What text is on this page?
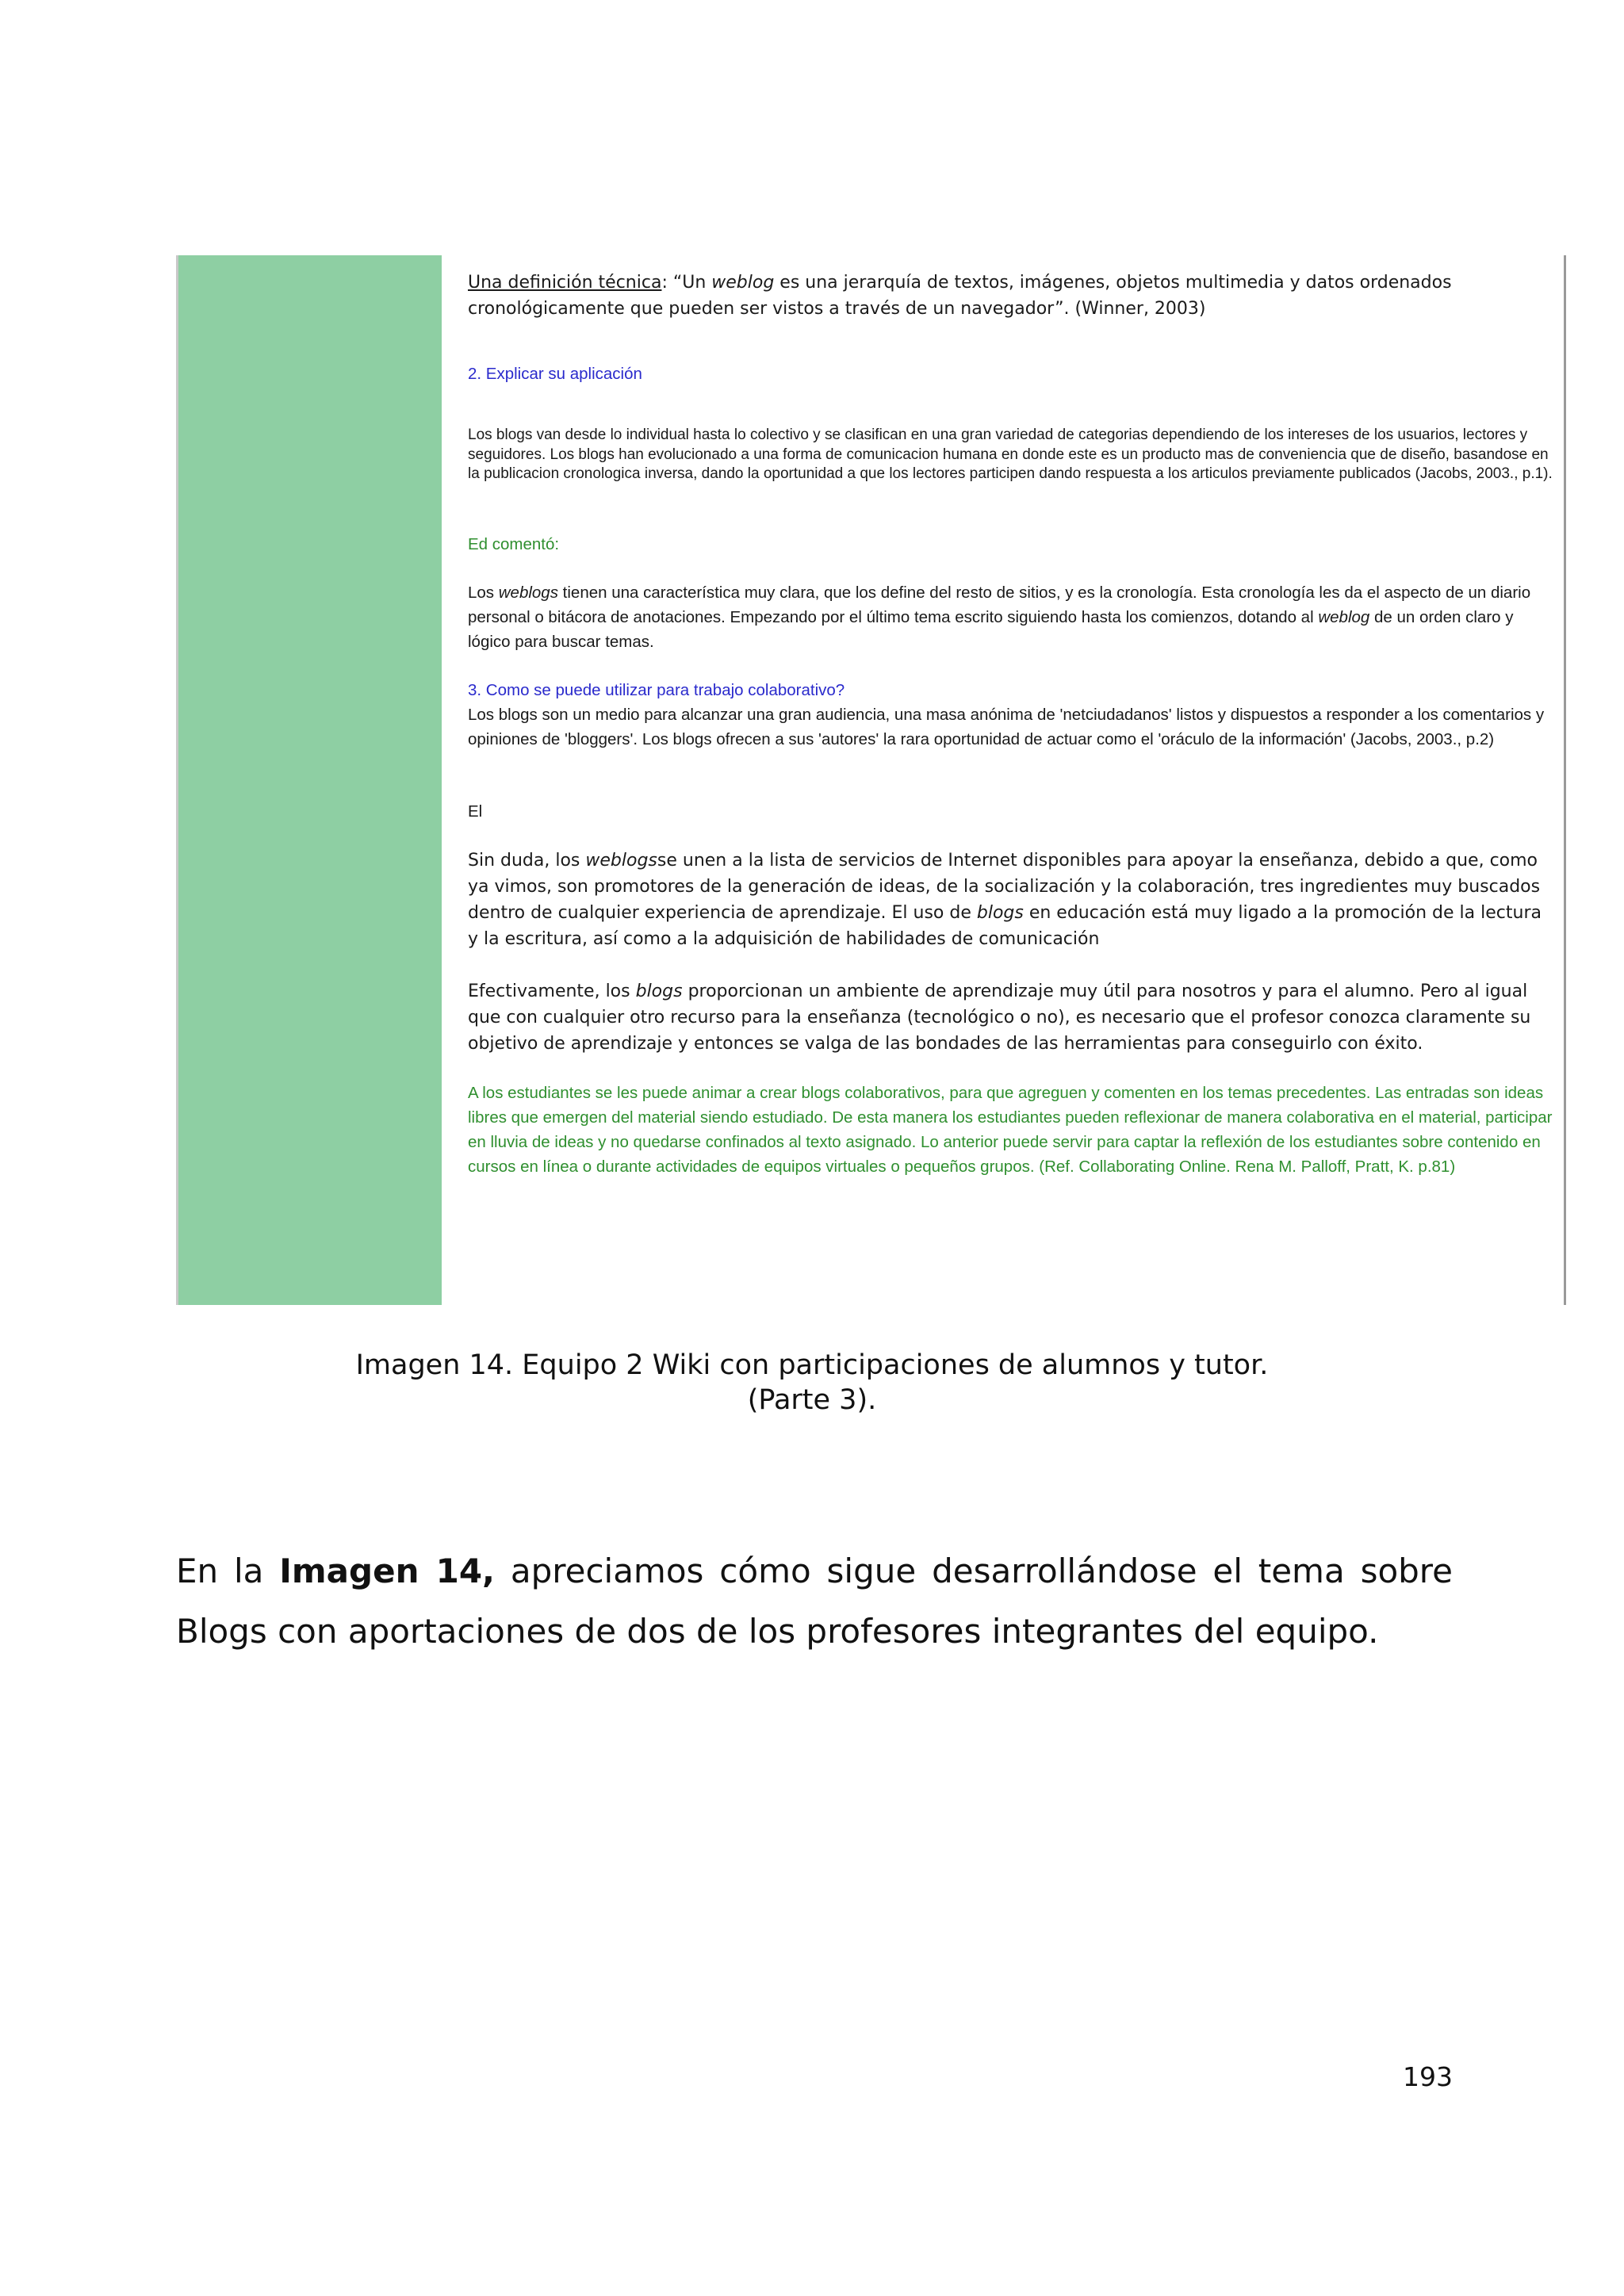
Una definición técnica: “Un weblog es una jerarquía de textos, imágenes, objetos multimedia y datos ordenados cronológicamente que pueden ser vistos a través de un navegador”. (Winner, 2003)

2. Explicar su aplicación

Los blogs van desde lo individual hasta lo colectivo y se clasifican en una gran variedad de categorias dependiendo de los intereses de los usuarios, lectores y seguidores. Los blogs han evolucionado a una forma de comunicacion humana en donde este es un producto mas de conveniencia que de diseño, basandose en la publicacion cronologica inversa, dando la oportunidad a que los lectores participen dando respuesta a los articulos previamente publicados (Jacobs, 2003., p.1).

Ed comentó:

Los weblogs tienen una característica muy clara, que los define del resto de sitios, y es la cronología. Esta cronología les da el aspecto de un diario personal o bitácora de anotaciones. Empezando por el último tema escrito siguiendo hasta los comienzos, dotando al weblog de un orden claro y lógico para buscar temas.

3. Como se puede utilizar para trabajo colaborativo?

Los blogs son un medio para alcanzar una gran audiencia, una masa anónima de 'netciudadanos' listos y dispuestos a responder a los comentarios y opiniones de 'bloggers'. Los blogs ofrecen a sus 'autores' la rara oportunidad de actuar como el 'oráculo de la información' (Jacobs, 2003., p.2)

El

Sin duda, los weblogsse unen a la lista de servicios de Internet disponibles para apoyar la enseñanza, debido a que, como ya vimos, son promotores de la generación de ideas, de la socialización y la colaboración, tres ingredientes muy buscados dentro de cualquier experiencia de aprendizaje. El uso de blogs en educación está muy ligado a la promoción de la lectura y la escritura, así como a la adquisición de habilidades de comunicación

Efectivamente, los blogs proporcionan un ambiente de aprendizaje muy útil para nosotros y para el alumno. Pero al igual que con cualquier otro recurso para la enseñanza (tecnológico o no), es necesario que el profesor conozca claramente su objetivo de aprendizaje y entonces se valga de las bondades de las herramientas para conseguirlo con éxito.

A los estudiantes se les puede animar a crear blogs colaborativos, para que agreguen y comenten en los temas precedentes. Las entradas son ideas libres que emergen del material siendo estudiado. De esta manera los estudiantes pueden reflexionar de manera colaborativa en el material, participar en lluvia de ideas y no quedarse confinados al texto asignado. Lo anterior puede servir para captar la reflexión de los estudiantes sobre contenido en cursos en línea o durante actividades de equipos virtuales o pequeños grupos. (Ref. Collaborating Online. Rena M. Palloff, Pratt, K. p.81)

Imagen 14. Equipo 2 Wiki con participaciones de alumnos y tutor.
(Parte 3).

En la Imagen 14, apreciamos cómo sigue desarrollándose el tema sobre Blogs con aportaciones de dos de los profesores integrantes del equipo.

193
